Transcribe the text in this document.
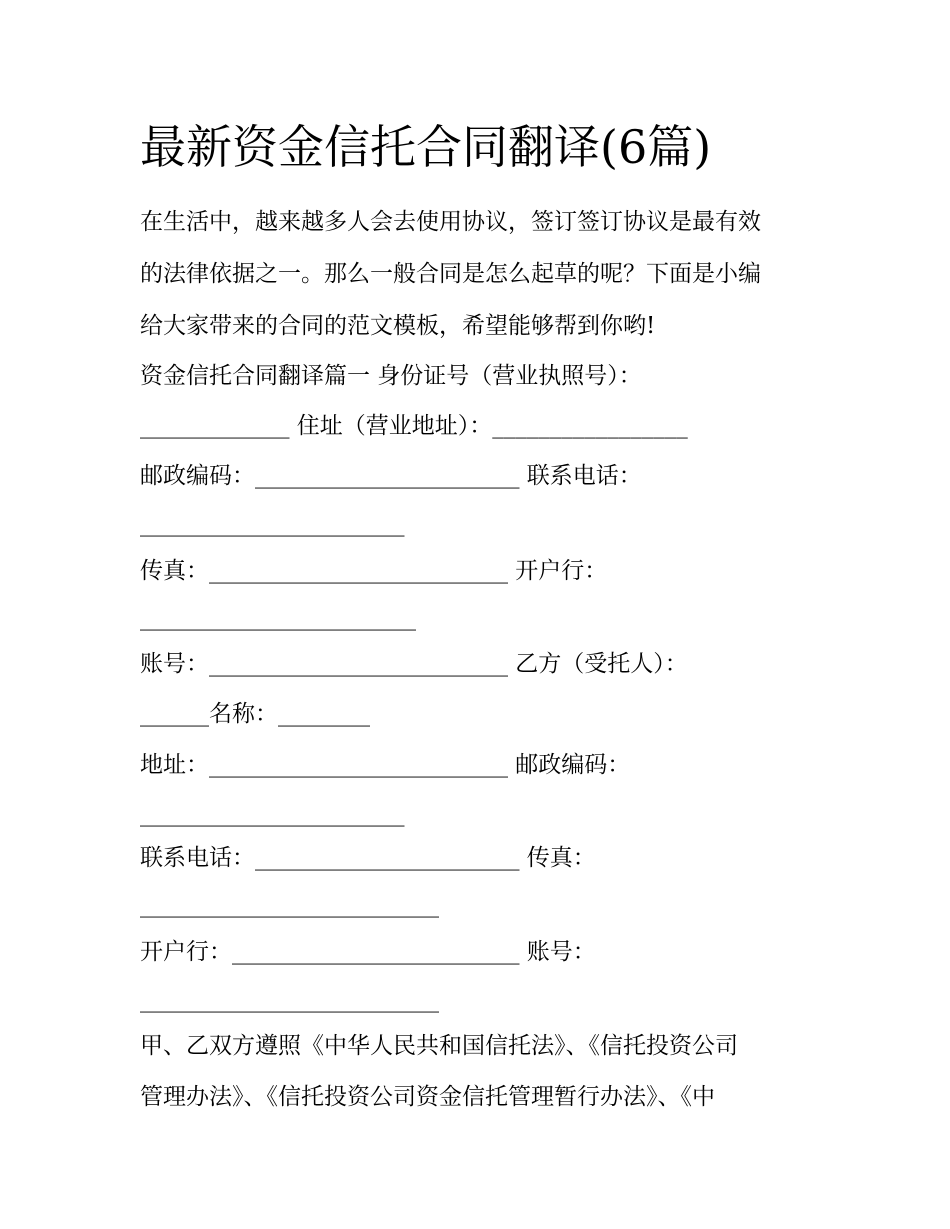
最新资金信托合同翻译(6篇)
在生活中，越来越多人会去使用协议，签订签订协议是最有效
的法律依据之一。那么一般合同是怎么起草的呢？下面是小编
给大家带来的合同的范文模板，希望能够帮到你哟!
资金信托合同翻译篇一 身份证号（营业执照号）：
_____________ 住址（营业地址）：_________________
邮政编码：_______________________ 联系电话：
_______________________
传真：__________________________ 开户行：
________________________
账号：__________________________ 乙方（受托人）：
______名称：________
地址：__________________________ 邮政编码：
_______________________
联系电话：_______________________ 传真：
__________________________
开户行：_________________________ 账号：
__________________________
甲、乙双方遵照《中华人民共和国信托法》、《信托投资公司
管理办法》、《信托投资公司资金信托管理暂行办法》、《中
